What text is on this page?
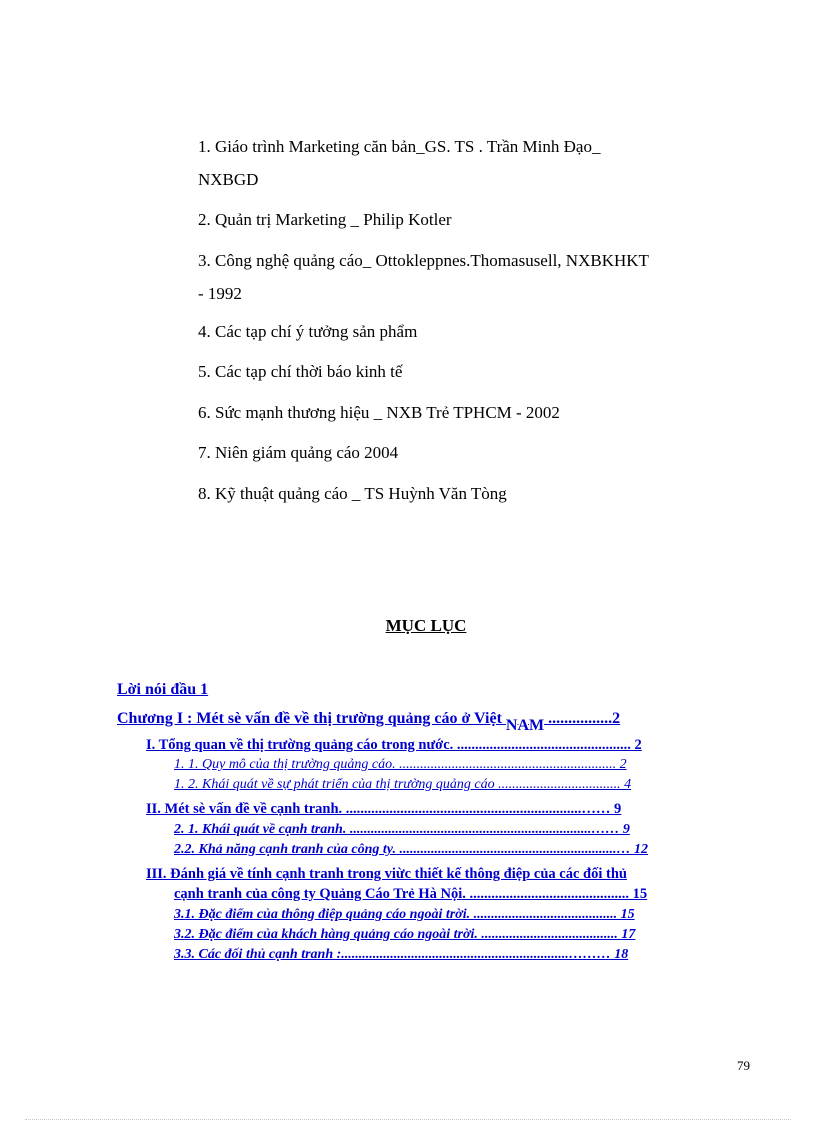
1. Giáo trình Marketing căn bản_GS. TS . Trần Minh Đạo_
NXBGD
2. Quản trị Marketing _ Philip Kotler
3. Công nghệ quảng cáo_ Ottokleppnes.Thomasusell, NXBKHKT
- 1992
4. Các tạp chí ý tưởng sản phẩm
5. Các tạp chí thời báo kinh tế
6. Sức mạnh thương hiệu _ NXB Trẻ TPHCM - 2002
7. Niên giám quảng cáo 2004
8. Kỹ thuật quảng cáo _ TS Huỳnh Văn Tòng
MỤC LỤC
Lời nói đầu 1
Chương I : Mét sè vấn đề về thị trường quảng cáo ở Việt NAM ................2
I. Tổng quan về thị trường quảng cáo trong nước. ................................................ 2
1. 1. Quy mô của thị trường quảng cáo. .............................................................. 2
1. 2. Khái quát về sự phát triển của thị trường quảng cáo ................................... 4
II. Mét sè vấn đề về cạnh tranh. .................................................................…… 9
2. 1. Khái quát về cạnh tranh. .....................................................................…… 9
2.2. Khả năng cạnh tranh của công ty. ..............................................................… 12
III. Đánh giá về tính cạnh tranh trong viừc thiết kế thông điệp của các đối thủ
cạnh tranh của công ty Quảng Cáo Trẻ Hà Nội. ............................................ 15
3.1. Đặc điểm của thông điệp quảng cáo ngoài trời. ......................................... 15
3.2. Đặc điểm của khách hàng quảng cáo ngoài trời. ....................................... 17
3.3. Các đối thủ cạnh tranh :.................................................................……… 18
79
